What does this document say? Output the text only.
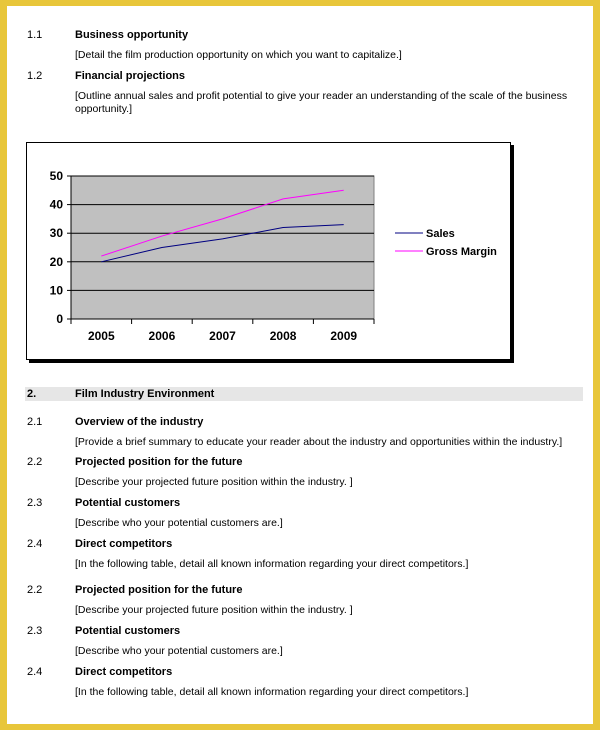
1.1	Business opportunity
[Detail the film production opportunity on which you want to capitalize.]
1.2	Financial projections
[Outline annual sales and profit potential to give your reader an understanding of the scale of the business opportunity.]
0
10
20
30
40
50
2005	2006	2007	2008	2009
Sales
Gross Margin
2.	Film Industry Environment
2.1	Overview of the industry
[Provide a brief summary to educate your reader about the industry and opportunities within the industry.]
2.2	Projected position for the future
[Describe your projected future position within the industry. ]
2.3	Potential customers
[Describe who your potential customers are.]
2.4	Direct competitors
[In the following table, detail all known information regarding your direct competitors.]
2.2	Projected position for the future
[Describe your projected future position within the industry. ]
2.3	Potential customers
[Describe who your potential customers are.]
2.4	Direct competitors
[In the following table, detail all known information regarding your direct competitors.]
